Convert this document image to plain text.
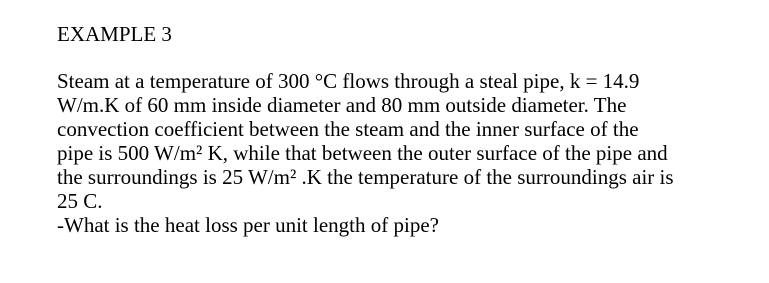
EXAMPLE 3

Steam at a temperature of 300 °C flows through a steal pipe, k = 14.9
W/m.K of 60 mm inside diameter and 80 mm outside diameter. The
convection coefficient between the steam and the inner surface of the
pipe is 500 W/m² K, while that between the outer surface of the pipe and
the surroundings is 25 W/m² .K the temperature of the surroundings air is
25 C.
-What is the heat loss per unit length of pipe?
